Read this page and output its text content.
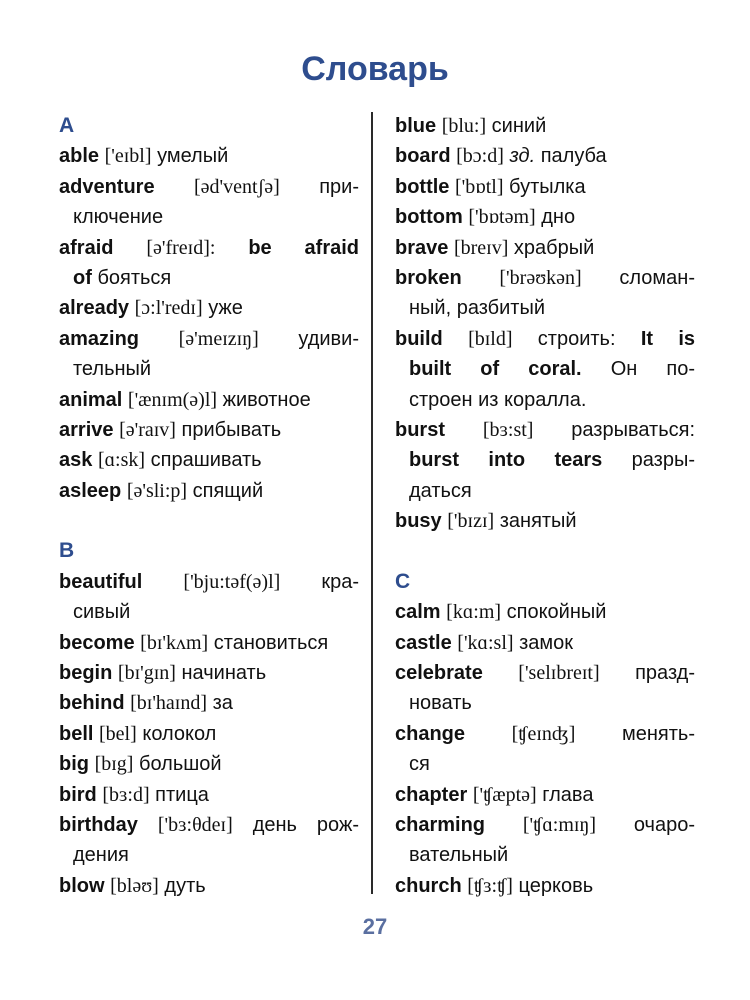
Словарь
A
able ['eɪbl] умелый
adventure [əd'ventʃə] при-
ключение
afraid [ə'freɪd]: be afraid
of бояться
already [ɔ:l'redɪ] уже
amazing [ə'meɪzɪŋ] удиви-
тельный
animal ['ænɪm(ə)l] животное
arrive [ə'raɪv] прибывать
ask [ɑ:sk] спрашивать
asleep [ə'sli:p] спящий
B
beautiful ['bju:təf(ə)l] кра-
сивый
become [bɪ'kʌm] становиться
begin [bɪ'gɪn] начинать
behind [bɪ'haɪnd] за
bell [bel] колокол
big [bɪg] большой
bird [bɜ:d] птица
birthday ['bɜ:θdeɪ] день рож-
дения
blow [bləʊ] дуть
blue [blu:] синий
board [bɔ:d] зд. палуба
bottle ['bɒtl] бутылка
bottom ['bɒtəm] дно
brave [breɪv] храбрый
broken ['brəʊkən] сломан-
ный, разбитый
build [bɪld] строить: It is
built of coral. Он по-
строен из коралла.
burst [bɜ:st] разрываться:
burst into tears разры-
даться
busy ['bɪzɪ] занятый
C
calm [kɑ:m] спокойный
castle ['kɑ:sl] замок
celebrate ['selɪbreɪt] празд-
новать
change [ʧeɪnʤ] менять-
ся
chapter ['ʧæptə] глава
charming ['ʧɑ:mɪŋ] очаро-
вательный
church [ʧɜ:ʧ] церковь
27
